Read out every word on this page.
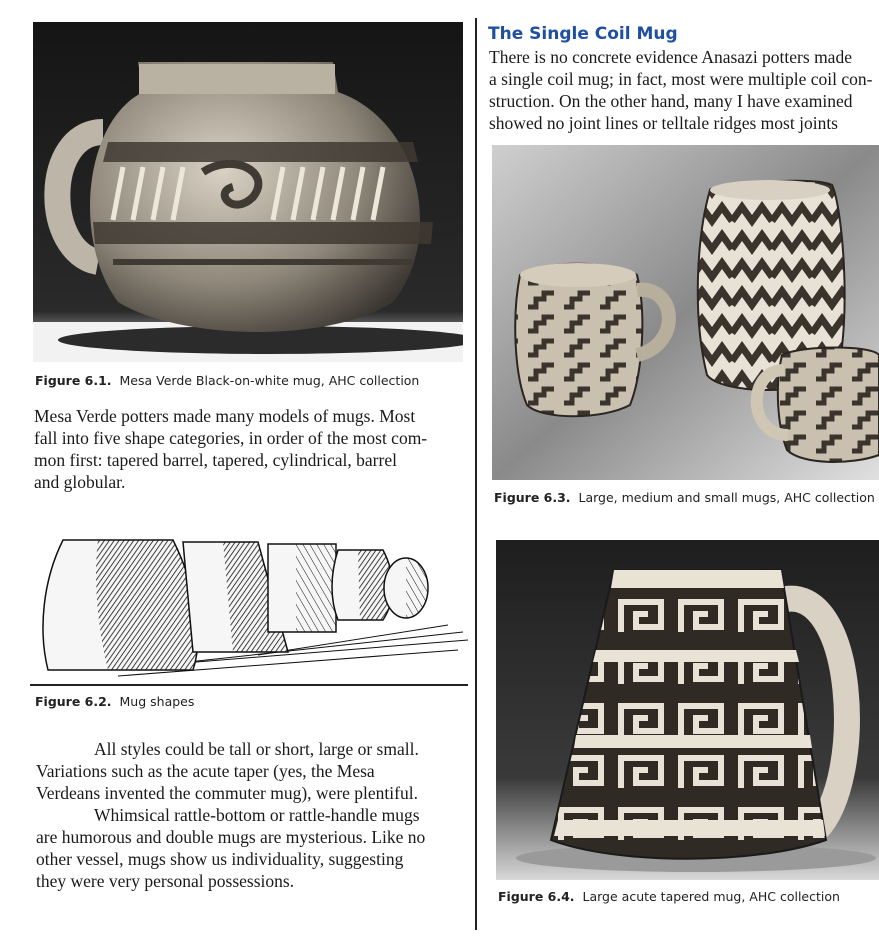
Figure 6.1. Mesa Verde Black-on-white mug, AHC collection
Mesa Verde potters made many models of mugs. Most
fall into five shape categories, in order of the most com-
mon first: tapered barrel, tapered, cylindrical, barrel
and globular.
Figure 6.2. Mug shapes
All styles could be tall or short, large or small.
Variations such as the acute taper (yes, the Mesa
Verdeans invented the commuter mug), were plentiful.
Whimsical rattle-bottom or rattle-handle mugs
are humorous and double mugs are mysterious. Like no
other vessel, mugs show us individuality, suggesting
they were very personal possessions.
The Single Coil Mug
There is no concrete evidence Anasazi potters made
a single coil mug; in fact, most were multiple coil con-
struction. On the other hand, many I have examined
showed no joint lines or telltale ridges most joints
Figure 6.3. Large, medium and small mugs, AHC collection
Figure 6.4. Large acute tapered mug, AHC collection
